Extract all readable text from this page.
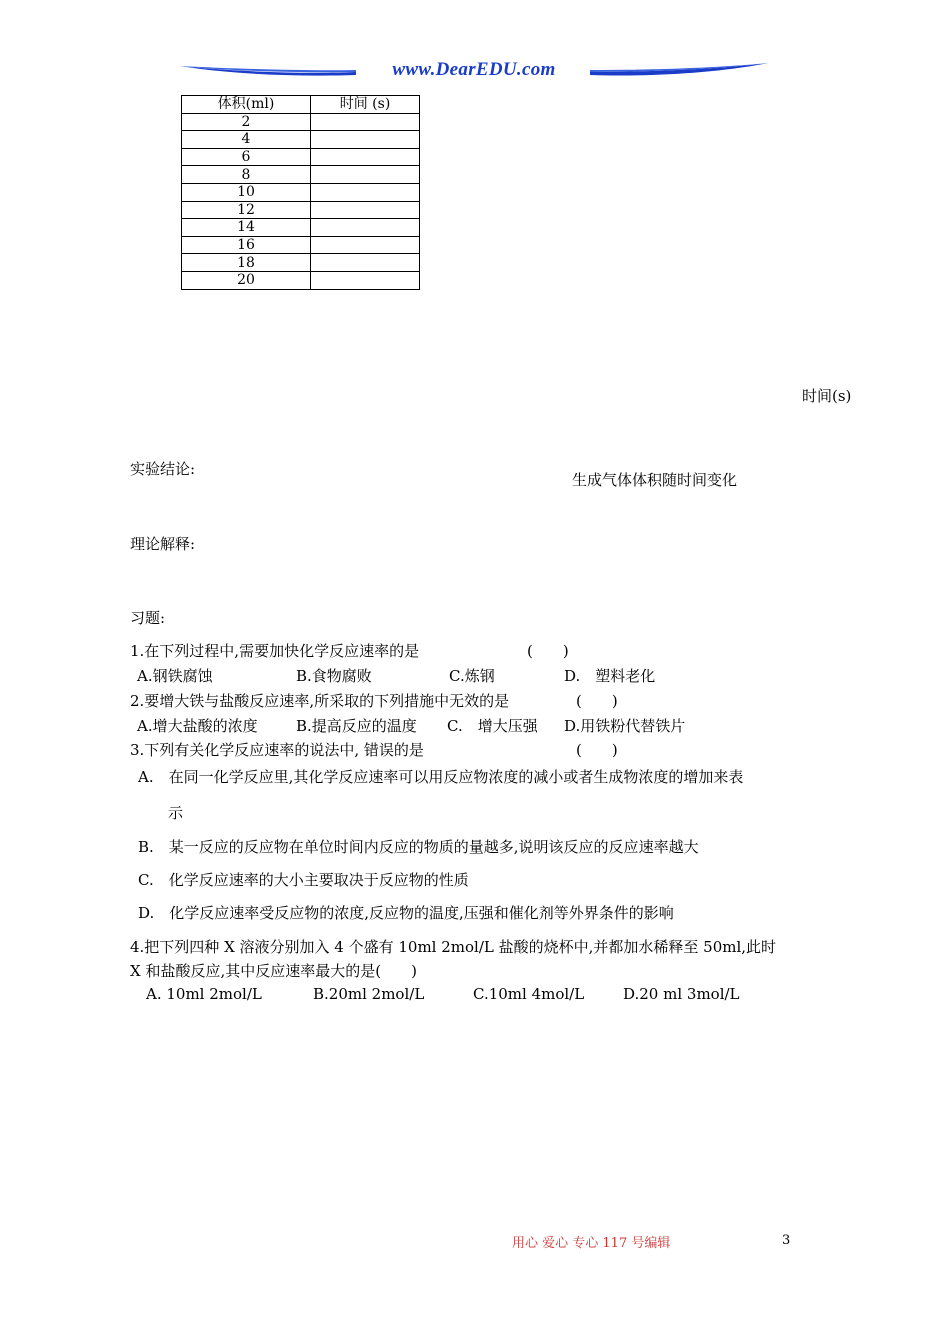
www.DearEDU.com
体积(ml)	时间 (s)
2	
4	
6	
8	
10	
12	
14	
16	
18	
20	
时间(s)
生成气体体积随时间变化
实验结论:
理论解释:
习题:
1.在下列过程中,需要加快化学反应速率的是	(　　)
A.钢铁腐蚀	B.食物腐败	C.炼钢	D.　塑料老化
2.要增大铁与盐酸反应速率,所采取的下列措施中无效的是	(　　)
A.增大盐酸的浓度	B.提高反应的温度 C.　增大压强 D.用铁粉代替铁片
3.下列有关化学反应速率的说法中, 错误的是	(　　)
A.　在同一化学反应里,其化学反应速率可以用反应物浓度的减小或者生成物浓度的增加来表
示
B.　某一反应的反应物在单位时间内反应的物质的量越多,说明该反应的反应速率越大
C.　化学反应速率的大小主要取决于反应物的性质
D.　化学反应速率受反应物的浓度,反应物的温度,压强和催化剂等外界条件的影响
4.把下列四种 X 溶液分别加入 4 个盛有 10ml 2mol/L 盐酸的烧杯中,并都加水稀释至 50ml,此时
X 和盐酸反应,其中反应速率最大的是(　　)
A. 10ml 2mol/L	B.20ml 2mol/L	C.10ml 4mol/L	D.20 ml 3mol/L
用心 爱心 专心 117 号编辑	3
